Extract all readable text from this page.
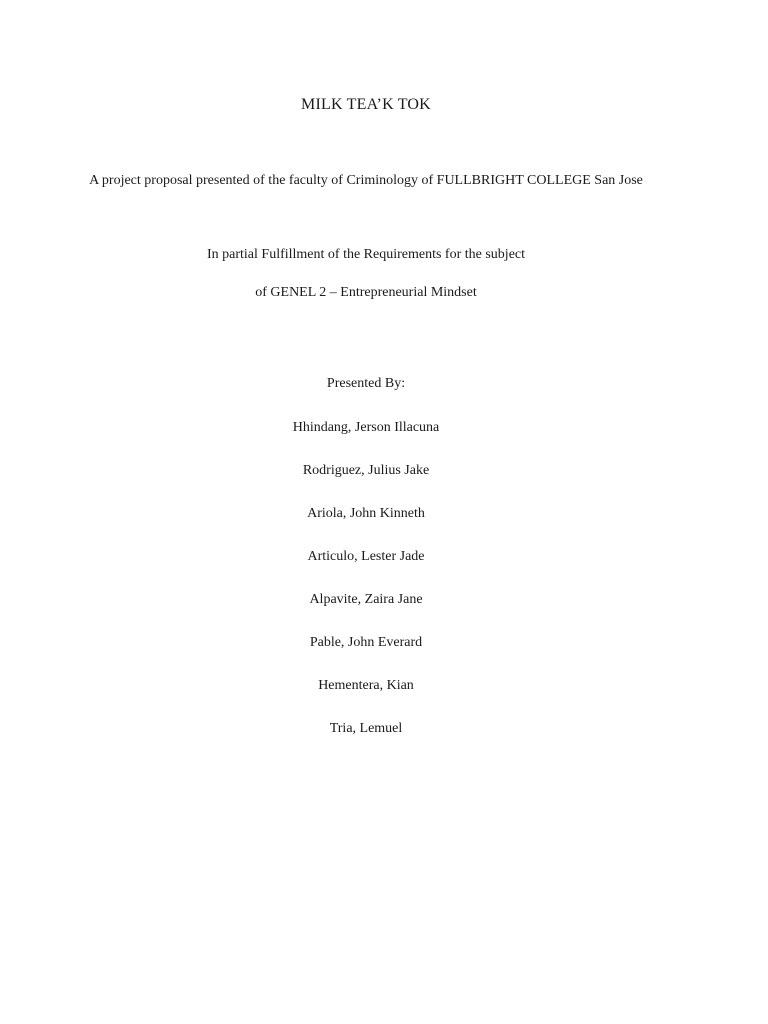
MILK TEA’K TOK
A project proposal presented of the faculty of Criminology of FULLBRIGHT COLLEGE San Jose
In partial Fulfillment of the Requirements for the subject
of GENEL 2 – Entrepreneurial Mindset
Presented By:
Hhindang, Jerson Illacuna
Rodriguez, Julius Jake
Ariola, John Kinneth
Articulo, Lester Jade
Alpavite, Zaira Jane
Pable, John Everard
Hementera, Kian
Tria, Lemuel
